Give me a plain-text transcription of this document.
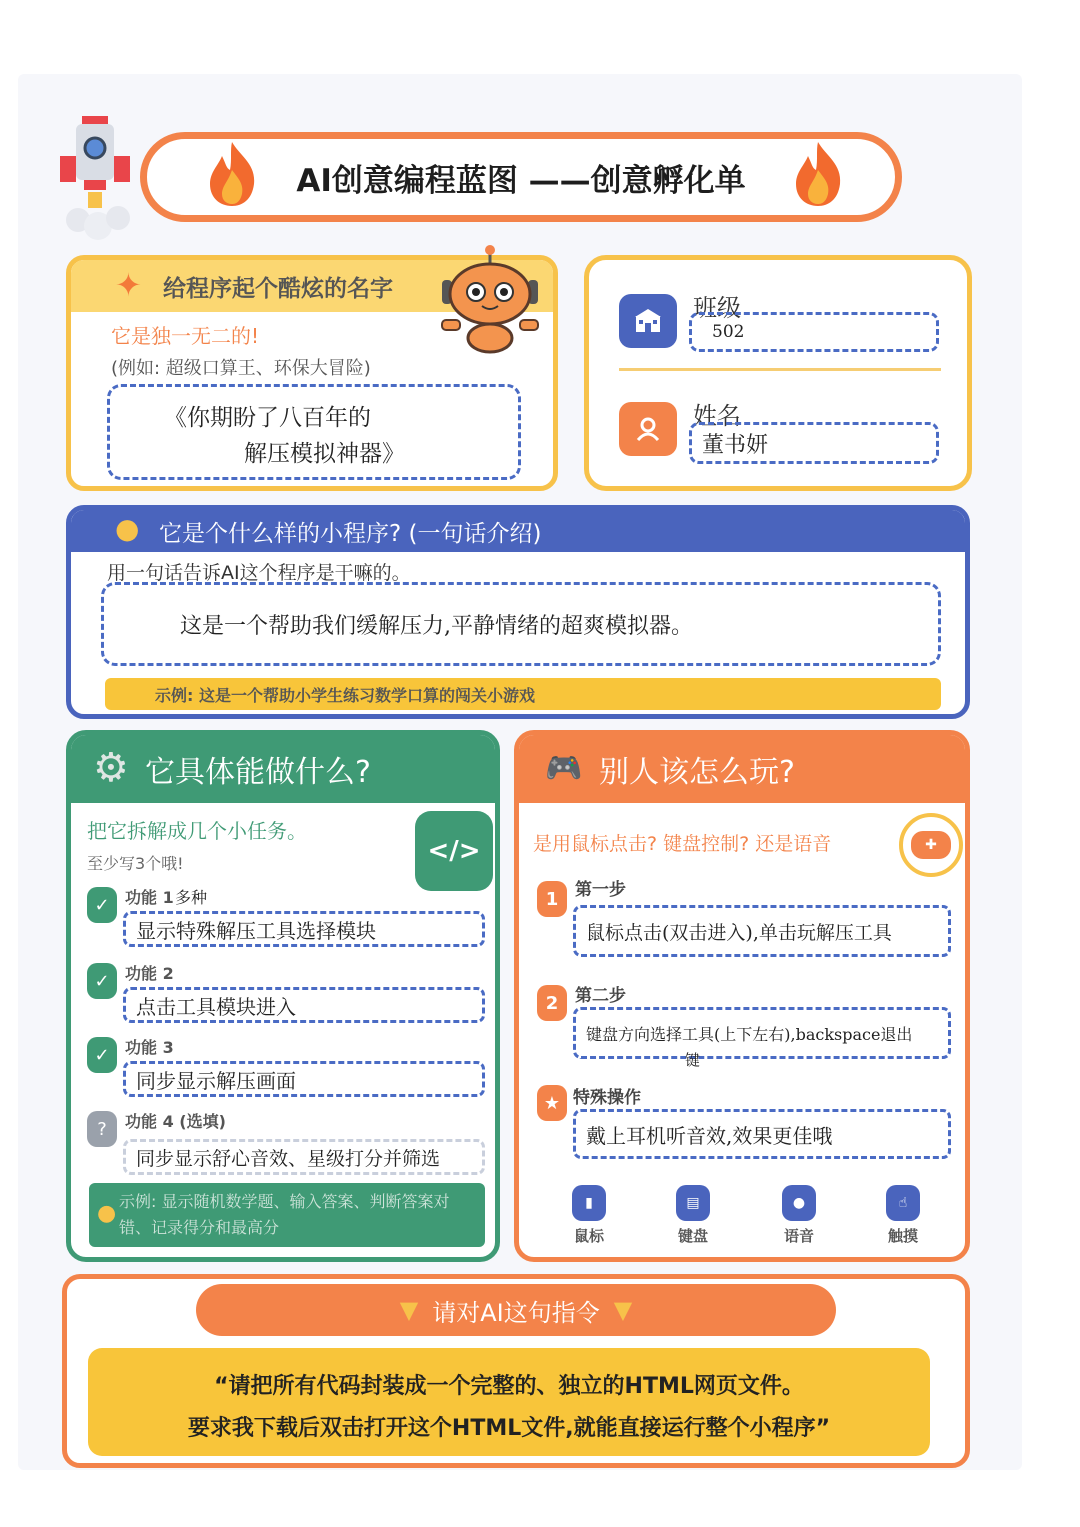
AI创意编程蓝图 ——创意孵化单
✦ 给程序起个酷炫的名字
它是独一无二的!
(例如: 超级口算王、环保大冒险)
《你期盼了八百年的
解压模拟神器》
班级
502
姓名
董书妍
● 它是个什么样的小程序? (一句话介绍)
用一句话告诉AI这个程序是干嘛的。
这是一个帮助我们缓解压力,平静情绪的超爽模拟器。
示例: 这是一个帮助小学生练习数学口算的闯关小游戏
⚙ 它具体能做什么?
把它拆解成几个小任务。
至少写3个哦!	</>
✓ 功能 1 多种
显示特殊解压工具选择模块
✓ 功能 2
点击工具模块进入
✓ 功能 3
同步显示解压画面
?	功能 4 (选填)
同步显示舒心音效、星级打分并筛选
● 示例: 显示随机数学题、输入答案、判断答案对错、记录得分和最高分
🎮 别人该怎么玩?
是用鼠标点击? 键盘控制? 还是语音	✚
1 第一步
鼠标点击(双击进入),单击玩解压工具
2 第二步
键盘方向选择工具(上下左右),backspace退出
键
★ 特殊操作
戴上耳机听音效,效果更佳哦
▮
鼠标
▤
键盘
●
语音
☝
触摸
▼ 请对AI这句指令 ▼
“请把所有代码封装成一个完整的、独立的HTML网页文件。
要求我下载后双击打开这个HTML文件,就能直接运行整个小程序”
